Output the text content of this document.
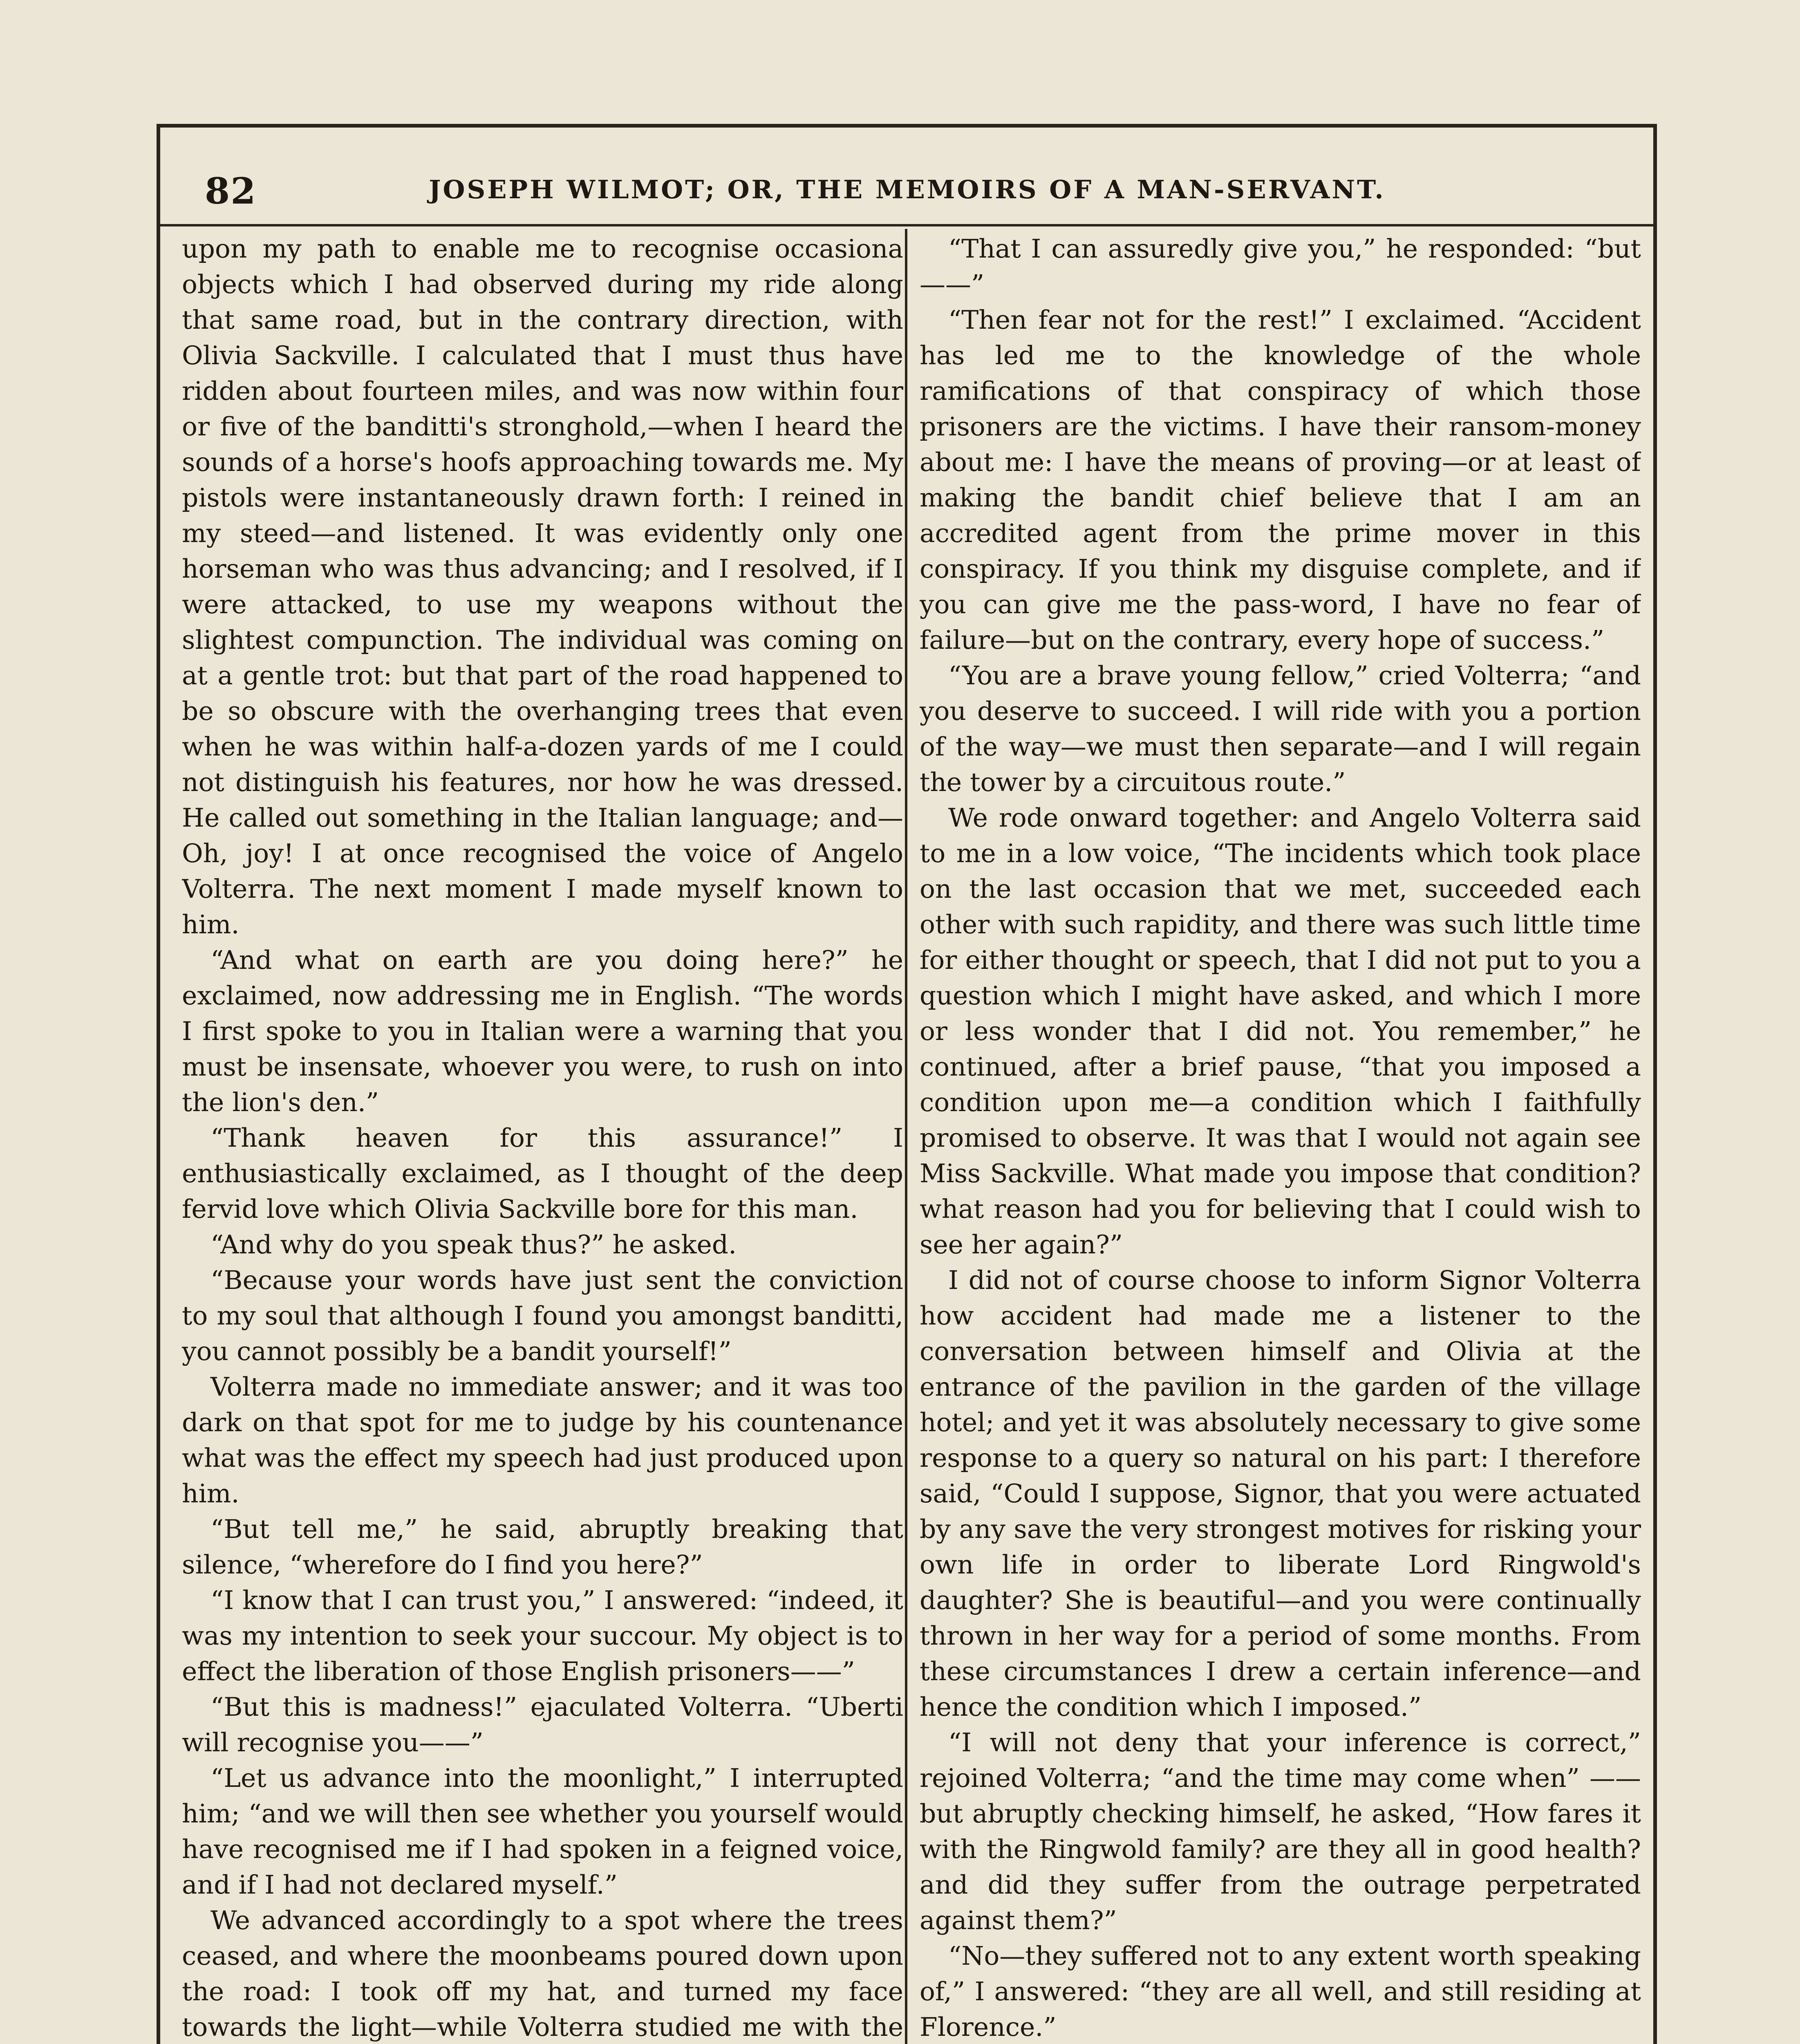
82	JOSEPH WILMOT; OR, THE MEMOIRS OF A MAN-SERVANT.

upon my path to enable me to recognise occasiona objects which I had observed during my ride along that same road, but in the contrary direction, with Olivia Sackville. I calculated that I must thus have ridden about fourteen miles, and was now within four or five of the banditti's stronghold,—when I heard the sounds of a horse's hoofs approaching towards me. My pistols were instantaneously drawn forth: I reined in my steed—and listened. It was evidently only one horseman who was thus advancing; and I resolved, if I were attacked, to use my weapons without the slightest compunction. The individual was coming on at a gentle trot: but that part of the road happened to be so obscure with the overhanging trees that even when he was within half-a-dozen yards of me I could not distinguish his features, nor how he was dressed. He called out something in the Italian language; and—Oh, joy! I at once recognised the voice of Angelo Volterra. The next moment I made myself known to him.

“And what on earth are you doing here?” he exclaimed, now addressing me in English. “The words I first spoke to you in Italian were a warning that you must be insensate, whoever you were, to rush on into the lion's den.”

“Thank heaven for this assurance!” I enthusiastically exclaimed, as I thought of the deep fervid love which Olivia Sackville bore for this man.

“And why do you speak thus?” he asked.

“Because your words have just sent the conviction to my soul that although I found you amongst banditti, you cannot possibly be a bandit yourself!”

Volterra made no immediate answer; and it was too dark on that spot for me to judge by his countenance what was the effect my speech had just produced upon him.

“But tell me,” he said, abruptly breaking that silence, “wherefore do I find you here?”

“I know that I can trust you,” I answered: “indeed, it was my intention to seek your succour. My object is to effect the liberation of those English prisoners——”

“But this is madness!” ejaculated Volterra. “Uberti will recognise you——”

“Let us advance into the moonlight,” I interrupted him; “and we will then see whether you yourself would have recognised me if I had spoken in a feigned voice, and if I had not declared myself.”

We advanced accordingly to a spot where the trees ceased, and where the moonbeams poured down upon the road: I took off my hat, and turned my face towards the light—while Volterra studied me with the

“That I can assuredly give you,” he responded: “but——”

“Then fear not for the rest!” I exclaimed. “Accident has led me to the knowledge of the whole ramifications of that conspiracy of which those prisoners are the victims. I have their ransom-money about me: I have the means of proving—or at least of making the bandit chief believe that I am an accredited agent from the prime mover in this conspiracy. If you think my disguise complete, and if you can give me the pass-word, I have no fear of failure—but on the contrary, every hope of success.”

“You are a brave young fellow,” cried Volterra; “and you deserve to succeed. I will ride with you a portion of the way—we must then separate—and I will regain the tower by a circuitous route.”

We rode onward together: and Angelo Volterra said to me in a low voice, “The incidents which took place on the last occasion that we met, succeeded each other with such rapidity, and there was such little time for either thought or speech, that I did not put to you a question which I might have asked, and which I more or less wonder that I did not. You remember,” he continued, after a brief pause, “that you imposed a condition upon me—a condition which I faithfully promised to observe. It was that I would not again see Miss Sackville. What made you impose that condition? what reason had you for believing that I could wish to see her again?”

I did not of course choose to inform Signor Volterra how accident had made me a listener to the conversation between himself and Olivia at the entrance of the pavilion in the garden of the village hotel; and yet it was absolutely necessary to give some response to a query so natural on his part: I therefore said, “Could I suppose, Signor, that you were actuated by any save the very strongest motives for risking your own life in order to liberate Lord Ringwold's daughter? She is beautiful—and you were continually thrown in her way for a period of some months. From these circumstances I drew a certain inference—and hence the condition which I imposed.”

“I will not deny that your inference is correct,” rejoined Volterra; “and the time may come when” ——but abruptly checking himself, he asked, “How fares it with the Ringwold family? are they all in good health? and did they suffer from the outrage perpetrated against them?”

“No—they suffered not to any extent worth speaking of,” I answered: “they are all well, and still residing at Florence.”
